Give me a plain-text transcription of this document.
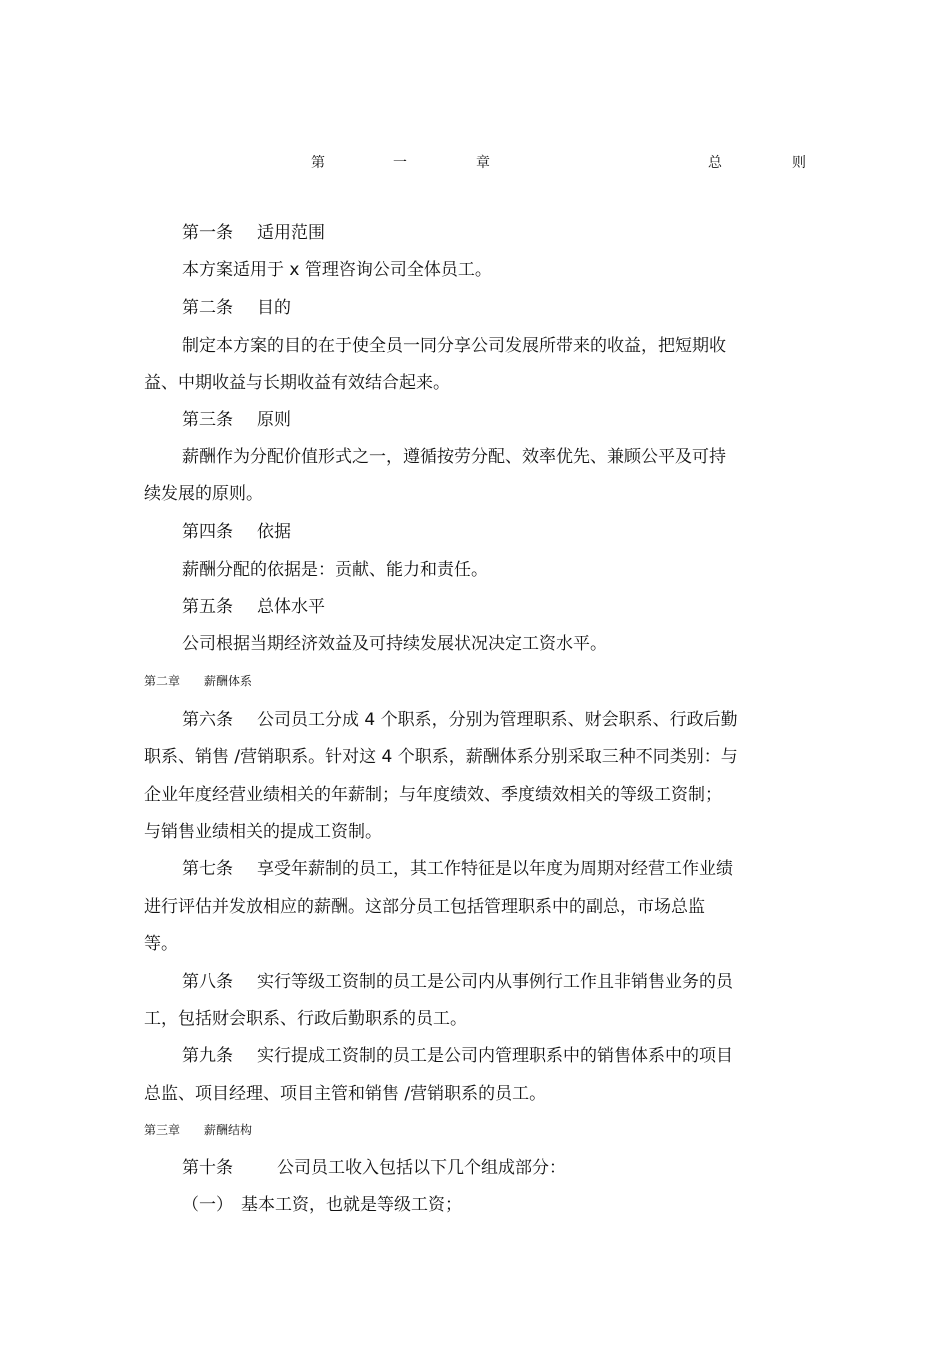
第	一	章	总	则
第一条 适用范围
本方案适用于 x 管理咨询公司全体员工。
第二条 目的
制定本方案的目的在于使全员一同分享公司发展所带来的收益，把短期收
益、中期收益与长期收益有效结合起来。
第三条 原则
薪酬作为分配价值形式之一，遵循按劳分配、效率优先、兼顾公平及可持
续发展的原则。
第四条 依据
薪酬分配的依据是：贡献、能力和责任。
第五条 总体水平
公司根据当期经济效益及可持续发展状况决定工资水平。
第二章 薪酬体系
第六条 公司员工分成 4 个职系，分别为管理职系、财会职系、行政后勤
职系、销售 /营销职系。针对这 4 个职系，薪酬体系分别采取三种不同类别：与
企业年度经营业绩相关的年薪制；与年度绩效、季度绩效相关的等级工资制；
与销售业绩相关的提成工资制。
第七条 享受年薪制的员工，其工作特征是以年度为周期对经营工作业绩
进行评估并发放相应的薪酬。这部分员工包括管理职系中的副总，市场总监
等。
第八条 实行等级工资制的员工是公司内从事例行工作且非销售业务的员
工，包括财会职系、行政后勤职系的员工。
第九条 实行提成工资制的员工是公司内管理职系中的销售体系中的项目
总监、项目经理、项目主管和销售 /营销职系的员工。
第三章 薪酬结构
第十条	公司员工收入包括以下几个组成部分：
（一） 基本工资，也就是等级工资；
